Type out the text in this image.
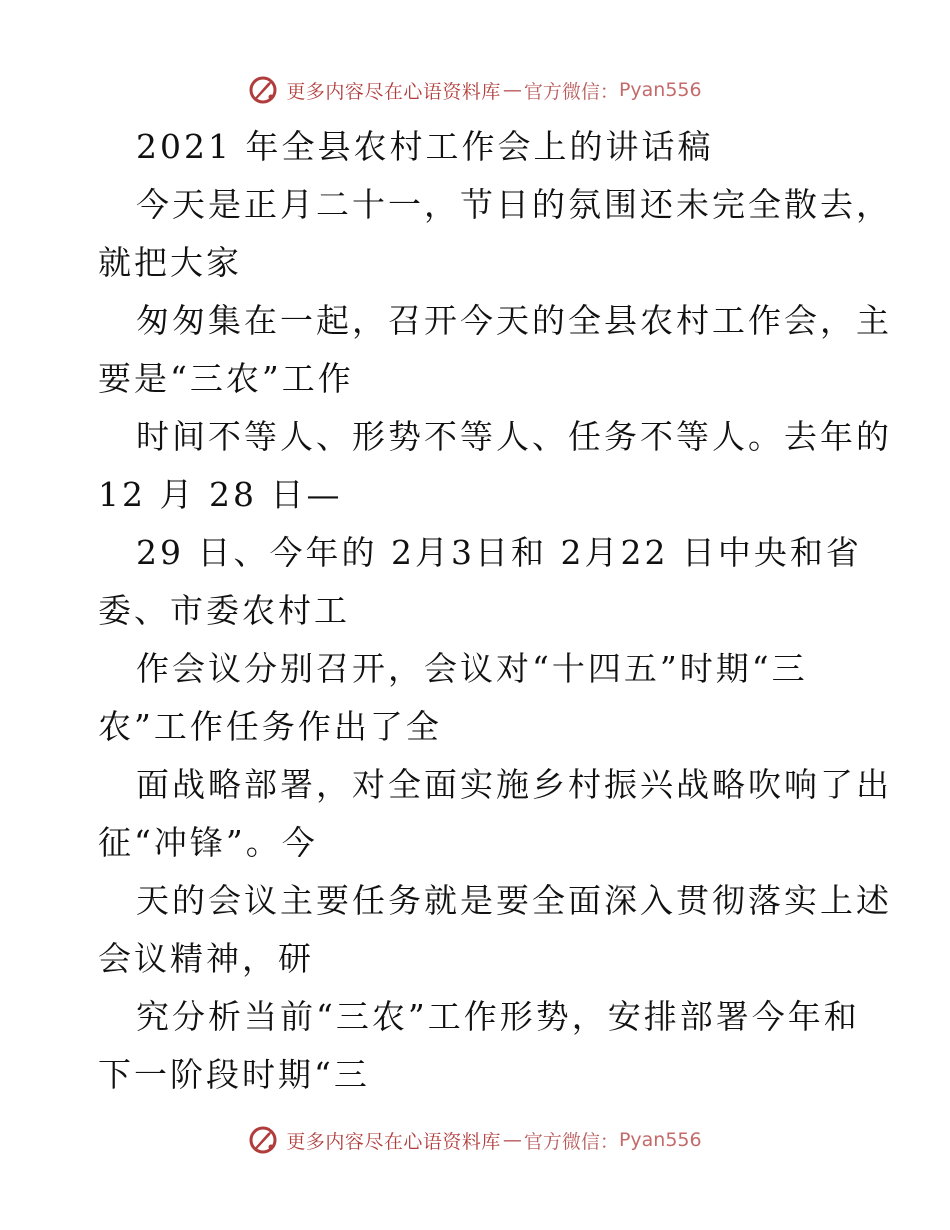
更多内容尽在心语资料库 — 官方微信： Pyan556
2021 年全县农村工作会上的讲话稿
今天是正月二十一，节日的氛围还未完全散去，
就把大家
匆匆集在一起，召开今天的全县农村工作会，主
要是“三农”工作
时间不等人、形势不等人、任务不等人。去年的
12 月 28 日—
29 日、今年的 2月3日和 2月22 日中央和省
委、市委农村工
作会议分别召开，会议对“十四五”时期“三
农”工作任务作出了全
面战略部署，对全面实施乡村振兴战略吹响了出
征“冲锋”。今
天的会议主要任务就是要全面深入贯彻落实上述
会议精神，研
究分析当前“三农”工作形势，安排部署今年和
下一阶段时期“三
更多内容尽在心语资料库 — 官方微信： Pyan556
